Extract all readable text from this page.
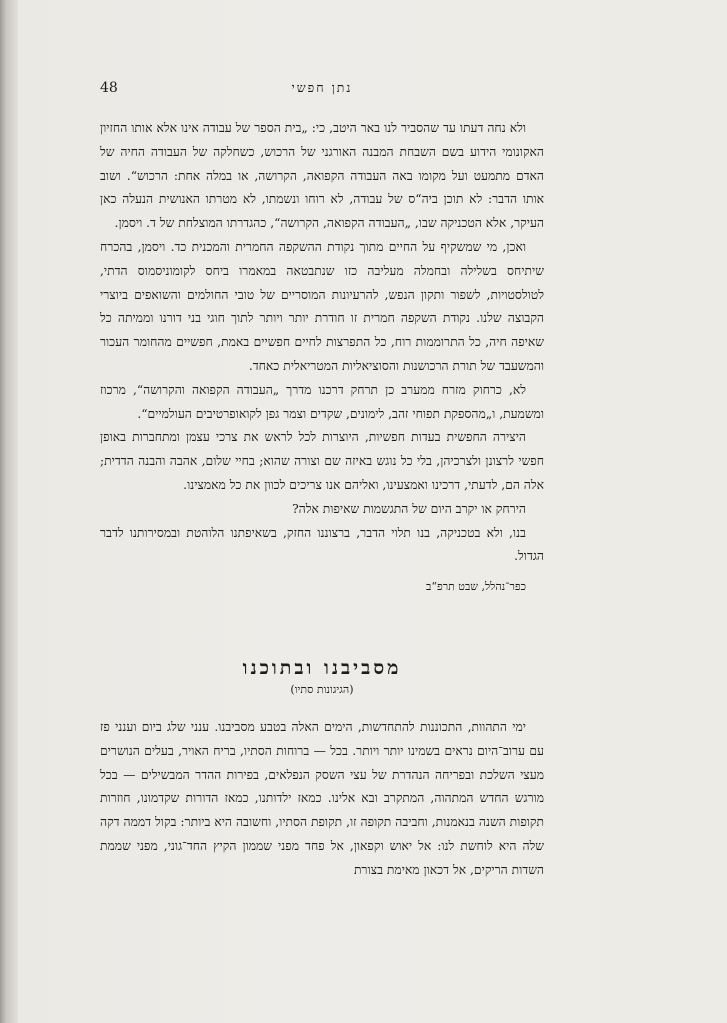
48	נתן חפשי

ולא נחה דעתו עד שהסביר לנו באר היטב, כי: „בית הספר של עבודה אינו אלא אותו החזיון האקונומי הידוע בשם השבחת המבנה האורגני של הרכוש, כשחלקה של העבודה החיה של האדם מתמעט ועל מקומו באה העבודה הקפואה, הקרושה, או במלה אחת: הרכוש“. ושוב אותו הדבר: לא תוכן ביה“ס של עבודה, לא רוחו ונשמתו, לא מטרתו האנושית הנעלה כאן העיקר, אלא הטכניקה שבו, „העבודה הקפואה, הקרושה“, כהגדרתו המוצלחת של ד. ויסמן.

ואכן, מי שמשקיף על החיים מתוך נקודת ההשקפה החמרית והמכנית כד. ויסמן, בהכרח שיתיחס בשלילה ובחמלה מעליבה כזו שנתבטאה במאמרו ביחס לקומוניסמוס הדתי, לטולסטויות, לשפור ותקון הנפש, להרעיונות המוסריים של טובי החולמים והשואפים ביוצרי הקבוצה שלנו. נקודת השקפה חמרית זו חודרת יותר ויותר לתוך חוגי בני דורנו וממיתה כל שאיפה חיה, כל התרוממות רוח, כל התפרצות לחיים חפשיים באמת, חפשיים מהחומר העכור והמשעבד של תורת הרכושנות והסוציאליות המטריאלית כאחד.

לא, כרחוק מזרח ממערב כן תרחק דרכנו מדרך „העבודה הקפואה והקרושה“, מרכוז ומשמעת, ו„מהספקת תפוחי זהב, לימונים, שקדים וצמר גפן לקואופרטיבים העולמיים“.

היצירה החפשית בעדות חפשיות, היוצרות לכל לראש את צרכי עצמן ומתחברות באופן חפשי לרצונן ולצרכיהן, בלי כל נוגש באיזה שם וצורה שהוא; בחיי שלום, אהבה והבנה הדדית; אלה הם, לדעתי, דרכינו ואמצעינו, ואליהם אנו צריכים לכוון את כל מאמצינו.

הירחק או יקרב היום של התגשמות שאיפות אלה?

בנו, ולא בטכניקה, בנו תלוי הדבר, ברצוננו החזק, בשאיפתנו הלוהטת ובמסירותנו לדבר הגדול.

כפר־נהלל, שבט תרפ“ב
מסביבנו ובתוכנו
(הגיגונות סתיו)

ימי התהוות, התכוננות להתחדשות, הימים האלה בטבע מסביבנו. ענני שלג ביום וענני פז עם ערוב־היום נראים בשמינו יותר ויותר. בכל — ברוחות הסתיו, בריח האויר, בעלים הנושרים מעצי השלכת ובפריחה הנהדרת של עצי השסק הנפלאים, בפירות ההדר המבשילים — בכל מורגש החדש המתהוה, המתקרב ובא אלינו. כמאז ילדותנו, כמאז הדורות שקדמונו, חוזרות תקופות השנה בנאמנות, וחביבה תקופה זו, תקופת הסתיו, וחשובה היא ביותר: בקול דממה דקה שלה היא לוחשת לנו: אל יאוש וקפאון, אל פחד מפני שממון הקיץ החד־גוני, מפני שממת השדות הריקים, אל דכאון מאימת בצורת
